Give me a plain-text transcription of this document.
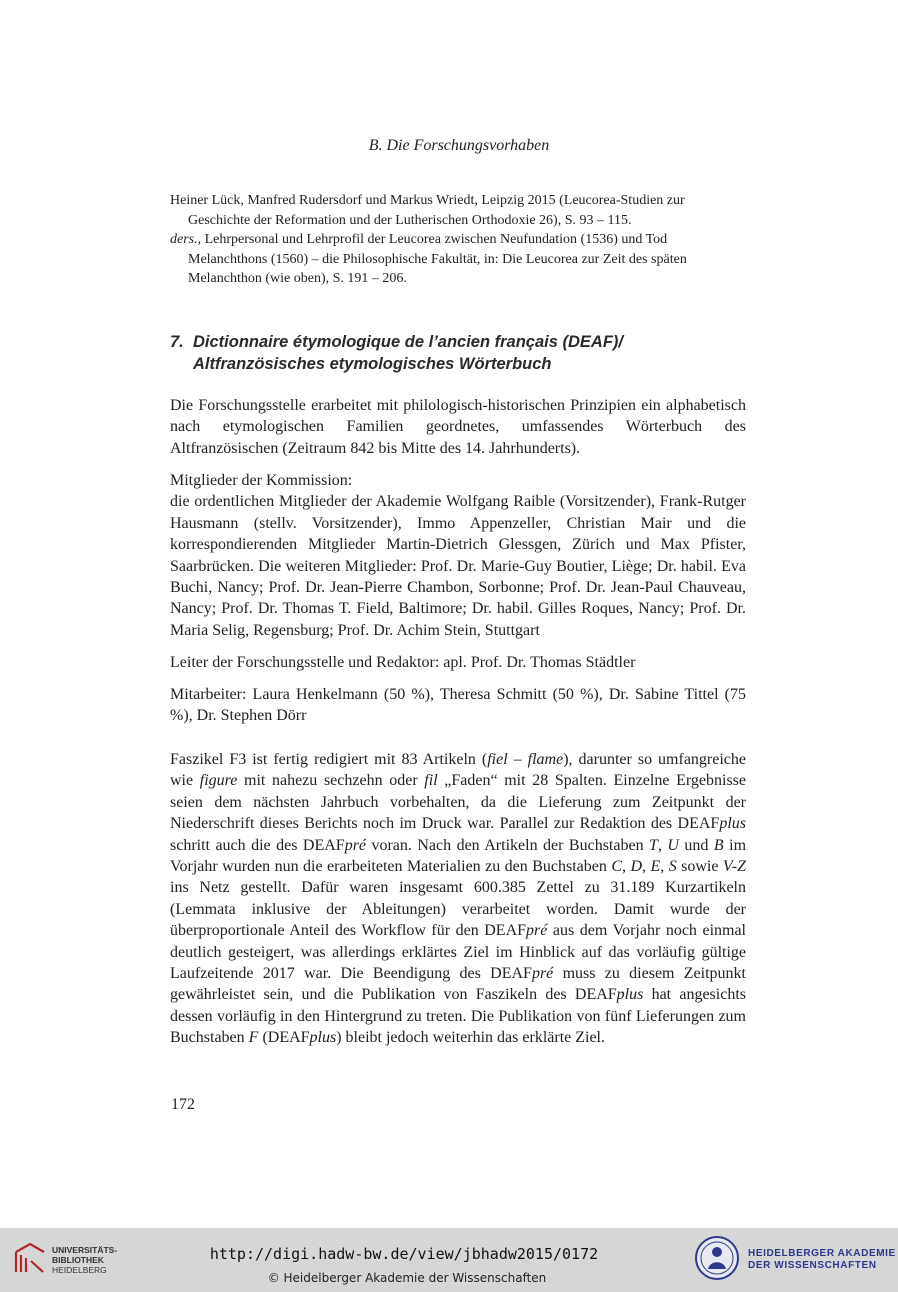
B. Die Forschungsvorhaben

Heiner Lück, Manfred Rudersdorf und Markus Wriedt, Leipzig 2015 (Leucorea-Studien zur Geschichte der Reformation und der Lutherischen Orthodoxie 26), S. 93 – 115.

ders., Lehrpersonal und Lehrprofil der Leucorea zwischen Neufundation (1536) und Tod Melanchthons (1560) – die Philosophische Fakultät, in: Die Leucorea zur Zeit des späten Melanchthon (wie oben), S. 191 – 206.

7. Dictionnaire étymologique de l’ancien français (DEAF)/
Altfranzösisches etymologisches Wörterbuch

Die Forschungsstelle erarbeitet mit philologisch-historischen Prinzipien ein alphabetisch nach etymologischen Familien geordnetes, umfassendes Wörterbuch des Altfranzösischen (Zeitraum 842 bis Mitte des 14. Jahrhunderts).

Mitglieder der Kommission:
die ordentlichen Mitglieder der Akademie Wolfgang Raible (Vorsitzender), Frank-Rutger Hausmann (stellv. Vorsitzender), Immo Appenzeller, Christian Mair und die korrespondierenden Mitglieder Martin-Dietrich Glessgen, Zürich und Max Pfister, Saarbrücken. Die weiteren Mitglieder: Prof. Dr. Marie-Guy Boutier, Liège; Dr. habil. Eva Buchi, Nancy; Prof. Dr. Jean-Pierre Chambon, Sorbonne; Prof. Dr. Jean-Paul Chauveau, Nancy; Prof. Dr. Thomas T. Field, Baltimore; Dr. habil. Gilles Roques, Nancy; Prof. Dr. Maria Selig, Regensburg; Prof. Dr. Achim Stein, Stuttgart

Leiter der Forschungsstelle und Redaktor: apl. Prof. Dr. Thomas Städtler

Mitarbeiter: Laura Henkelmann (50 %), Theresa Schmitt (50 %), Dr. Sabine Tittel (75 %), Dr. Stephen Dörr

Faszikel F3 ist fertig redigiert mit 83 Artikeln (fiel – flame), darunter so umfangreiche wie figure mit nahezu sechzehn oder fil „Faden“ mit 28 Spalten. Einzelne Ergebnisse seien dem nächsten Jahrbuch vorbehalten, da die Lieferung zum Zeitpunkt der Niederschrift dieses Berichts noch im Druck war. Parallel zur Redaktion des DEAFplus schritt auch die des DEAFpré voran. Nach den Artikeln der Buchstaben T, U und B im Vorjahr wurden nun die erarbeiteten Materialien zu den Buchstaben C, D, E, S sowie V-Z ins Netz gestellt. Dafür waren insgesamt 600.385 Zettel zu 31.189 Kurzartikeln (Lemmata inklusive der Ableitungen) verarbeitet worden. Damit wurde der überproportionale Anteil des Workflow für den DEAFpré aus dem Vorjahr noch einmal deutlich gesteigert, was allerdings erklärtes Ziel im Hinblick auf das vorläufig gültige Laufzeitende 2017 war. Die Beendigung des DEAFpré muss zu diesem Zeitpunkt gewährleistet sein, und die Publikation von Faszikeln des DEAFplus hat angesichts dessen vorläufig in den Hintergrund zu treten. Die Publikation von fünf Lieferungen zum Buchstaben F (DEAFplus) bleibt jedoch weiterhin das erklärte Ziel.

172
UNIVERSITÄTS-
BIBLIOTHEK
HEIDELBERG
http://digi.hadw-bw.de/view/jbhadw2015/0172
© Heidelberger Akademie der Wissenschaften
HEIDELBERGER AKADEMIE
DER WISSENSCHAFTEN
